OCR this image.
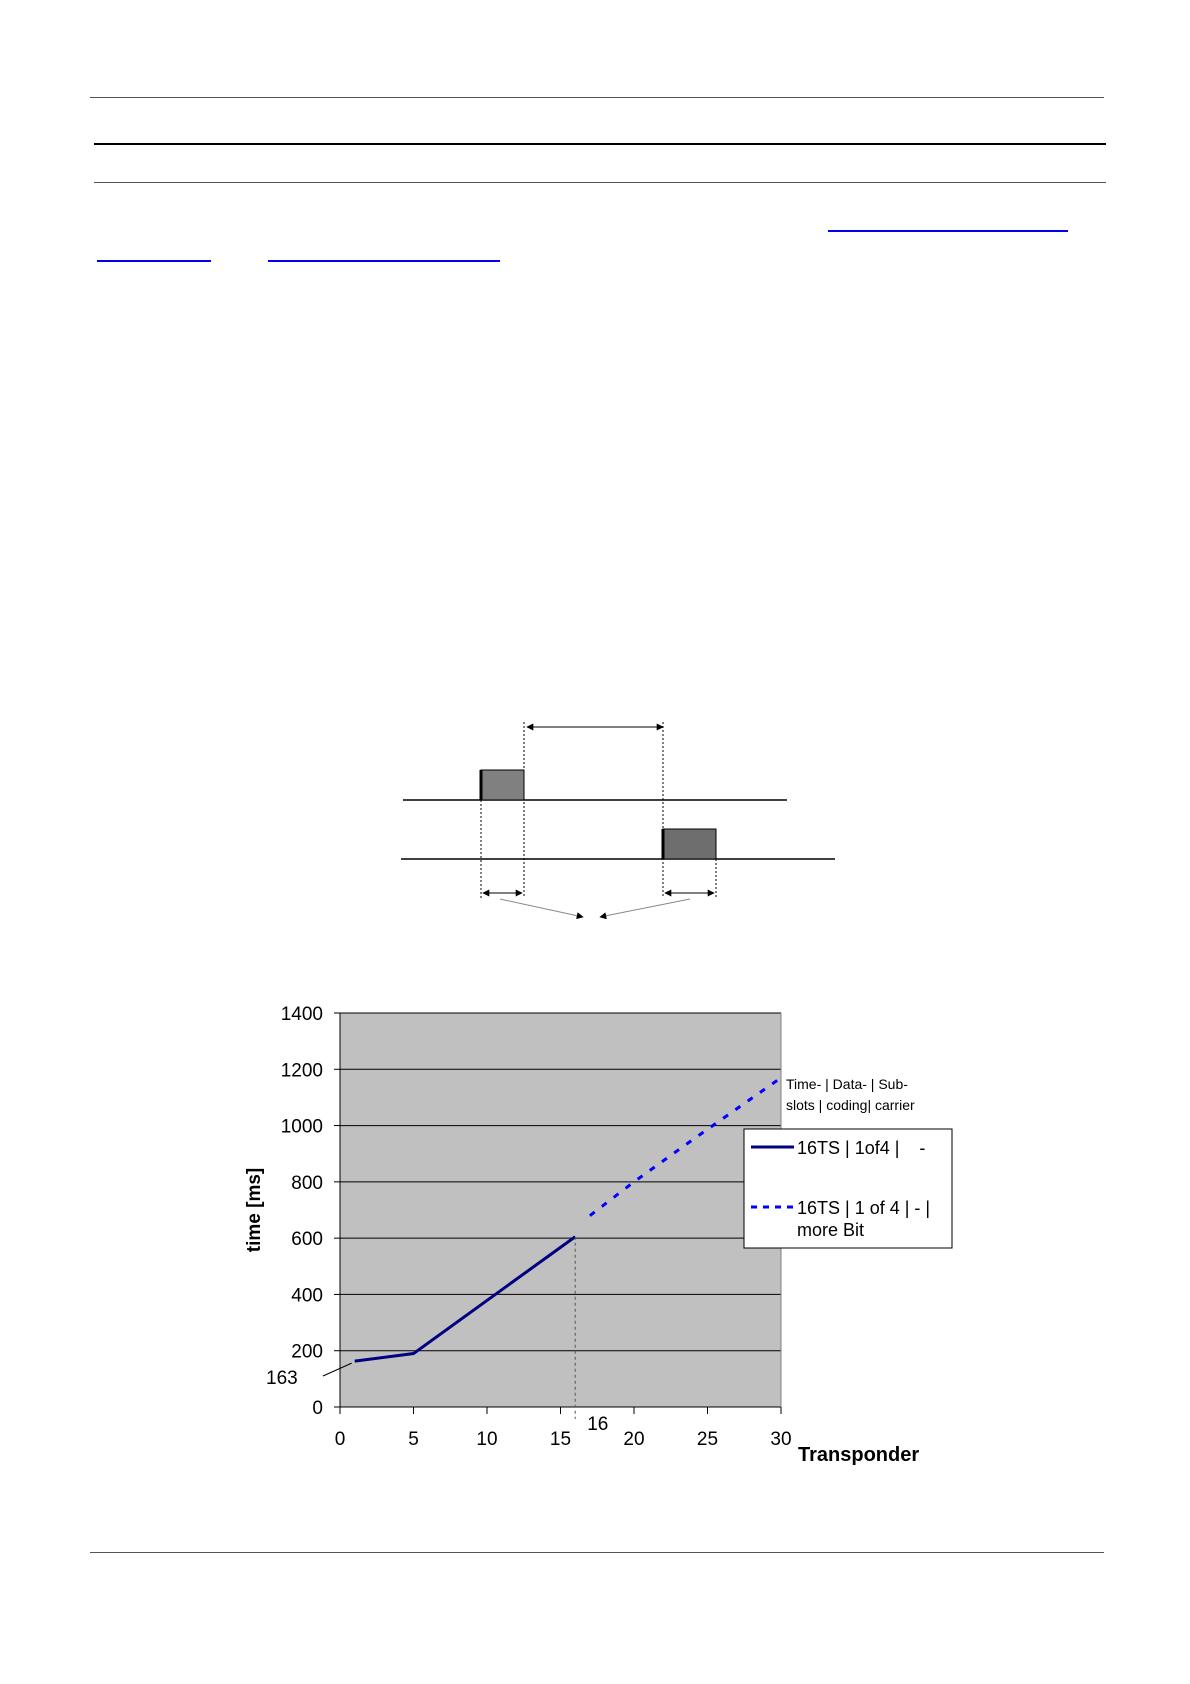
0
200
400
600
800
1000
1200
1400
0	5	10	15	20	25	30
163
16
time [ms]
Transponder
Time- | Data- | Sub-
slots | coding| carrier
16TS | 1of4 |    -
16TS | 1 of 4 | - |
more Bit
